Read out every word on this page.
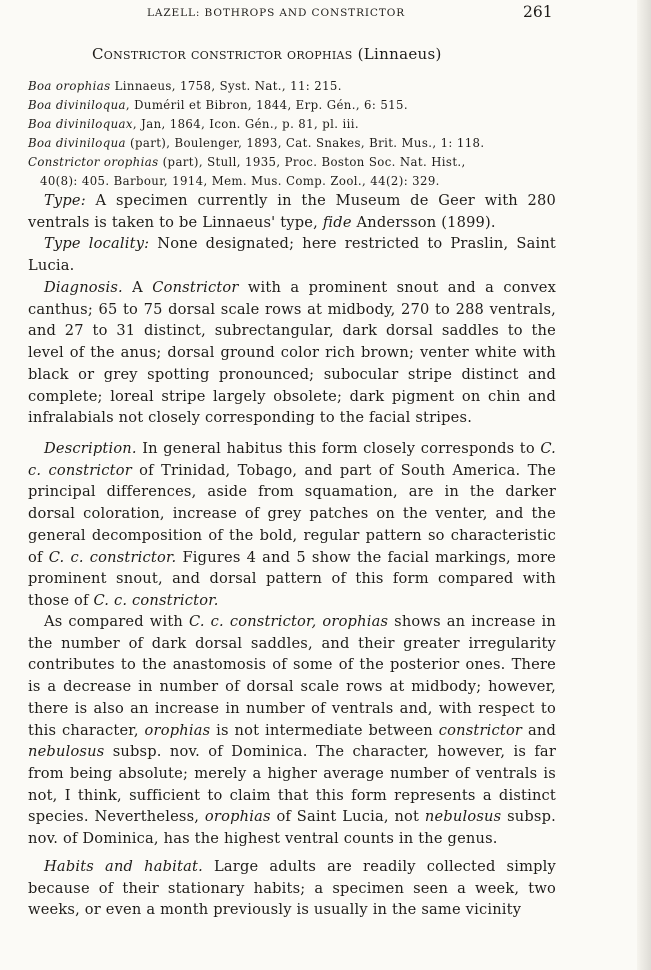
LAZELL: BOTHROPS AND CONSTRICTOR	261
Constrictor constrictor orophias (Linnaeus)
Boa orophias Linnaeus, 1758, Syst. Nat., 11: 215.
Boa diviniloqua, Duméril et Bibron, 1844, Erp. Gén., 6: 515.
Boa diviniloquax, Jan, 1864, Icon. Gén., p. 81, pl. iii.
Boa diviniloqua (part), Boulenger, 1893, Cat. Snakes, Brit. Mus., 1: 118.
Constrictor orophias (part), Stull, 1935, Proc. Boston Soc. Nat. Hist.,
40(8): 405. Barbour, 1914, Mem. Mus. Comp. Zool., 44(2): 329.
Type: A specimen currently in the Museum de Geer with 280 ventrals is taken to be Linnaeus' type, fide Andersson (1899).
Type locality: None designated; here restricted to Praslin, Saint Lucia.
Diagnosis. A Constrictor with a prominent snout and a convex canthus; 65 to 75 dorsal scale rows at midbody, 270 to 288 ventrals, and 27 to 31 distinct, subrectangular, dark dorsal saddles to the level of the anus; dorsal ground color rich brown; venter white with black or grey spotting pronounced; subocular stripe distinct and complete; loreal stripe largely obsolete; dark pigment on chin and infralabials not closely corresponding to the facial stripes.
Description. In general habitus this form closely corresponds to C. c. constrictor of Trinidad, Tobago, and part of South America. The principal differences, aside from squamation, are in the darker dorsal coloration, increase of grey patches on the venter, and the general decomposition of the bold, regular pattern so characteristic of C. c. constrictor. Figures 4 and 5 show the facial markings, more prominent snout, and dorsal pattern of this form compared with those of C. c. constrictor.
As compared with C. c. constrictor, orophias shows an increase in the number of dark dorsal saddles, and their greater irregularity contributes to the anastomosis of some of the posterior ones. There is a decrease in number of dorsal scale rows at midbody; however, there is also an increase in number of ventrals and, with respect to this character, orophias is not intermediate between constrictor and nebulosus subsp. nov. of Dominica. The character, however, is far from being absolute; merely a higher average number of ventrals is not, I think, sufficient to claim that this form represents a distinct species. Nevertheless, orophias of Saint Lucia, not nebulosus subsp. nov. of Dominica, has the highest ventral counts in the genus.
Habits and habitat. Large adults are readily collected simply because of their stationary habits; a specimen seen a week, two weeks, or even a month previously is usually in the same vicinity
